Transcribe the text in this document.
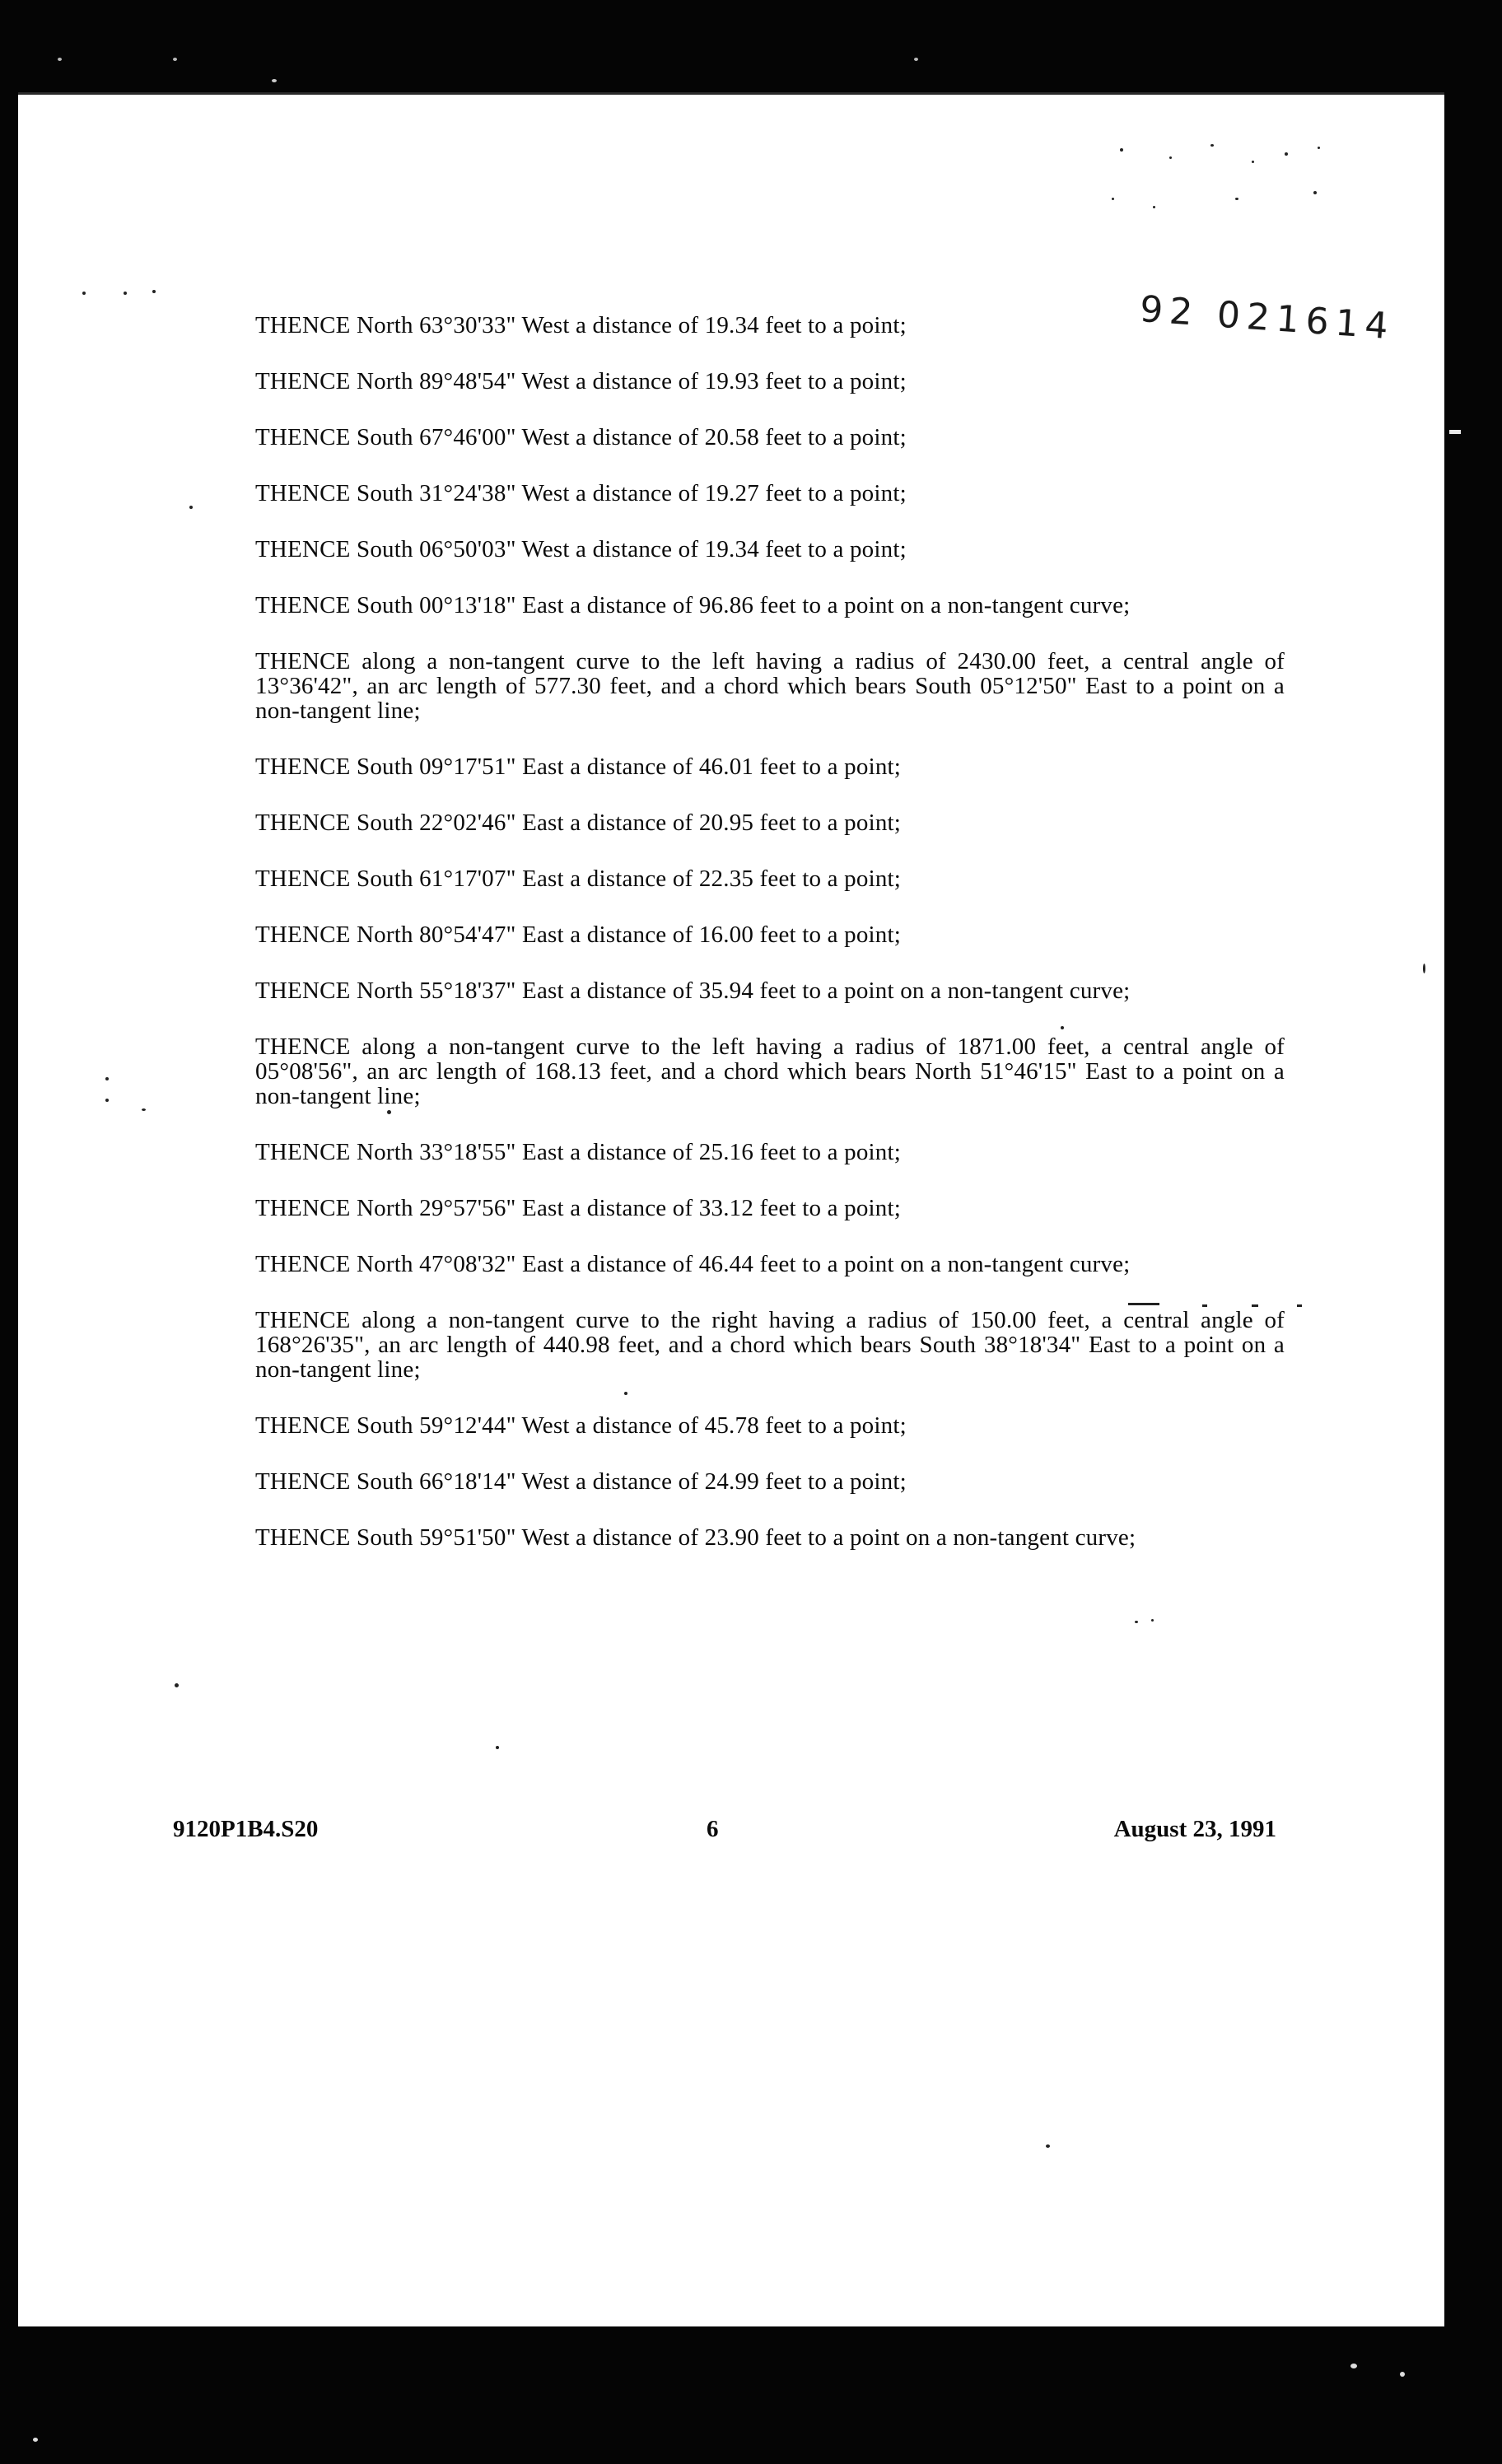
92 021614

THENCE North 63°30'33" West a distance of 19.34 feet to a point;

THENCE North 89°48'54" West a distance of 19.93 feet to a point;

THENCE South 67°46'00" West a distance of 20.58 feet to a point;

THENCE South 31°24'38" West a distance of 19.27 feet to a point;

THENCE South 06°50'03" West a distance of 19.34 feet to a point;

THENCE South 00°13'18" East a distance of 96.86 feet to a point on a non-tangent curve;

THENCE along a non-tangent curve to the left having a radius of 2430.00 feet, a central angle of 13°36'42", an arc length of 577.30 feet, and a chord which bears South 05°12'50" East to a point on a non-tangent line;

THENCE South 09°17'51" East a distance of 46.01 feet to a point;

THENCE South 22°02'46" East a distance of 20.95 feet to a point;

THENCE South 61°17'07" East a distance of 22.35 feet to a point;

THENCE North 80°54'47" East a distance of 16.00 feet to a point;

THENCE North 55°18'37" East a distance of 35.94 feet to a point on a non-tangent curve;

THENCE along a non-tangent curve to the left having a radius of 1871.00 feet, a central angle of 05°08'56", an arc length of 168.13 feet, and a chord which bears North 51°46'15" East to a point on a non-tangent line;

THENCE North 33°18'55" East a distance of 25.16 feet to a point;

THENCE North 29°57'56" East a distance of 33.12 feet to a point;

THENCE North 47°08'32" East a distance of 46.44 feet to a point on a non-tangent curve;

THENCE along a non-tangent curve to the right having a radius of 150.00 feet, a central angle of 168°26'35", an arc length of 440.98 feet, and a chord which bears South 38°18'34" East to a point on a non-tangent line;

THENCE South 59°12'44" West a distance of 45.78 feet to a point;

THENCE South 66°18'14" West a distance of 24.99 feet to a point;

THENCE South 59°51'50" West a distance of 23.90 feet to a point on a non-tangent curve;

9120P1B4.S20	6	August 23, 1991
